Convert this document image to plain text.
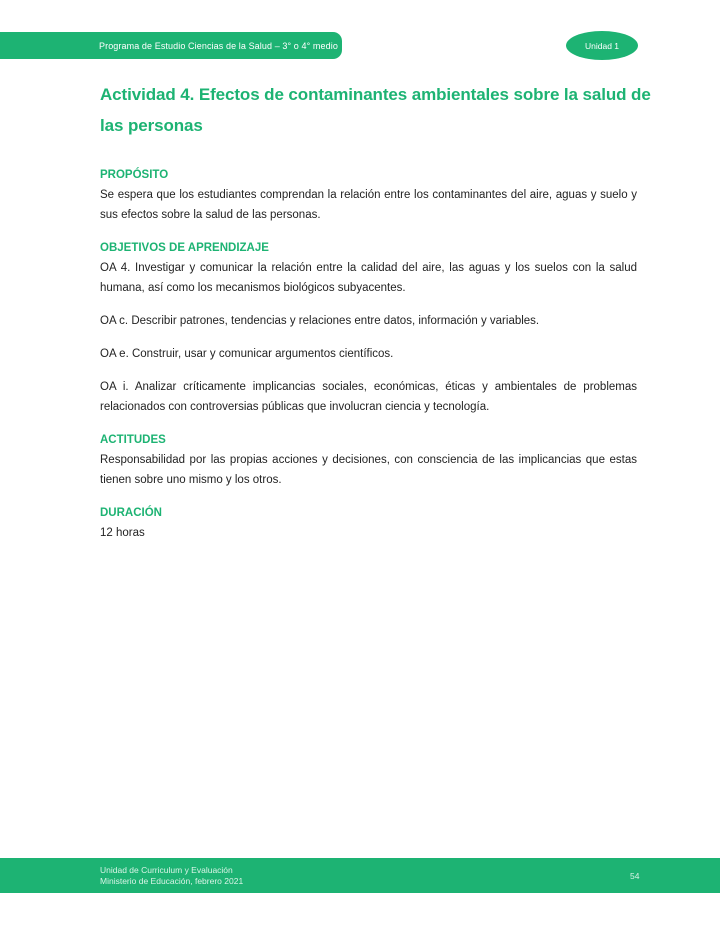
Programa de Estudio Ciencias de la Salud – 3° o 4° medio	Unidad 1
Actividad 4. Efectos de contaminantes ambientales sobre la salud de
las personas
PROPÓSITO

Se espera que los estudiantes comprendan la relación entre los contaminantes del aire, aguas y suelo y sus efectos sobre la salud de las personas.

OBJETIVOS DE APRENDIZAJE

OA 4. Investigar y comunicar la relación entre la calidad del aire, las aguas y los suelos con la salud humana, así como los mecanismos biológicos subyacentes.

OA c. Describir patrones, tendencias y relaciones entre datos, información y variables.

OA e. Construir, usar y comunicar argumentos científicos.

OA i. Analizar críticamente implicancias sociales, económicas, éticas y ambientales de problemas relacionados con controversias públicas que involucran ciencia y tecnología.

ACTITUDES

Responsabilidad por las propias acciones y decisiones, con consciencia de las implicancias que estas tienen sobre uno mismo y los otros.

DURACIÓN

12 horas

Unidad de Curriculum y Evaluación
Ministerio de Educación, febrero 2021	54
